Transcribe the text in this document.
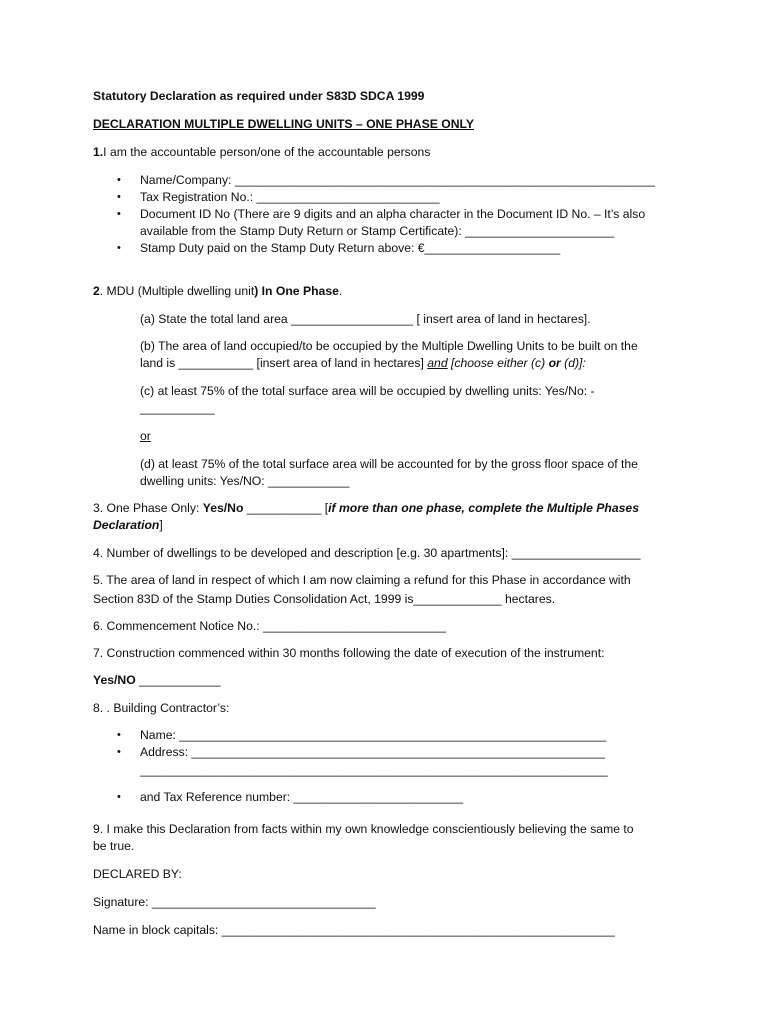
Statutory Declaration as required under S83D SDCA 1999
DECLARATION MULTIPLE DWELLING UNITS – ONE PHASE ONLY
1.I am the accountable person/one of the accountable persons
• Name/Company: ______________________________________________________________
• Tax Registration No.: ___________________________
• Document ID No (There are 9 digits and an alpha character in the Document ID No. – It’s also
available from the Stamp Duty Return or Stamp Certificate): ______________________
• Stamp Duty paid on the Stamp Duty Return above: €____________________
2. MDU (Multiple dwelling unit) In One Phase.
(a) State the total land area __________________ [ insert area of land in hectares].
(b) The area of land occupied/to be occupied by the Multiple Dwelling Units to be built on the
land is ___________ [insert area of land in hectares] and [choose either (c) or (d)]:
(c) at least 75% of the total surface area will be occupied by dwelling units: Yes/No: -
___________
or
(d) at least 75% of the total surface area will be accounted for by the gross floor space of the
dwelling units: Yes/NO: ____________
3. One Phase Only: Yes/No ___________ [if more than one phase, complete the Multiple Phases
Declaration]
4. Number of dwellings to be developed and description [e.g. 30 apartments]: ___________________
5. The area of land in respect of which I am now claiming a refund for this Phase in accordance with
Section 83D of the Stamp Duties Consolidation Act, 1999 is_____________ hectares.
6. Commencement Notice No.: ___________________________
7. Construction commenced within 30 months following the date of execution of the instrument:
Yes/NO ____________
8. . Building Contractor’s:
• Name: _______________________________________________________________
• Address: _____________________________________________________________
_____________________________________________________________________
• and Tax Reference number: _________________________
9. I make this Declaration from facts within my own knowledge conscientiously believing the same to
be true.
DECLARED BY:
Signature: _________________________________
Name in block capitals: __________________________________________________________
